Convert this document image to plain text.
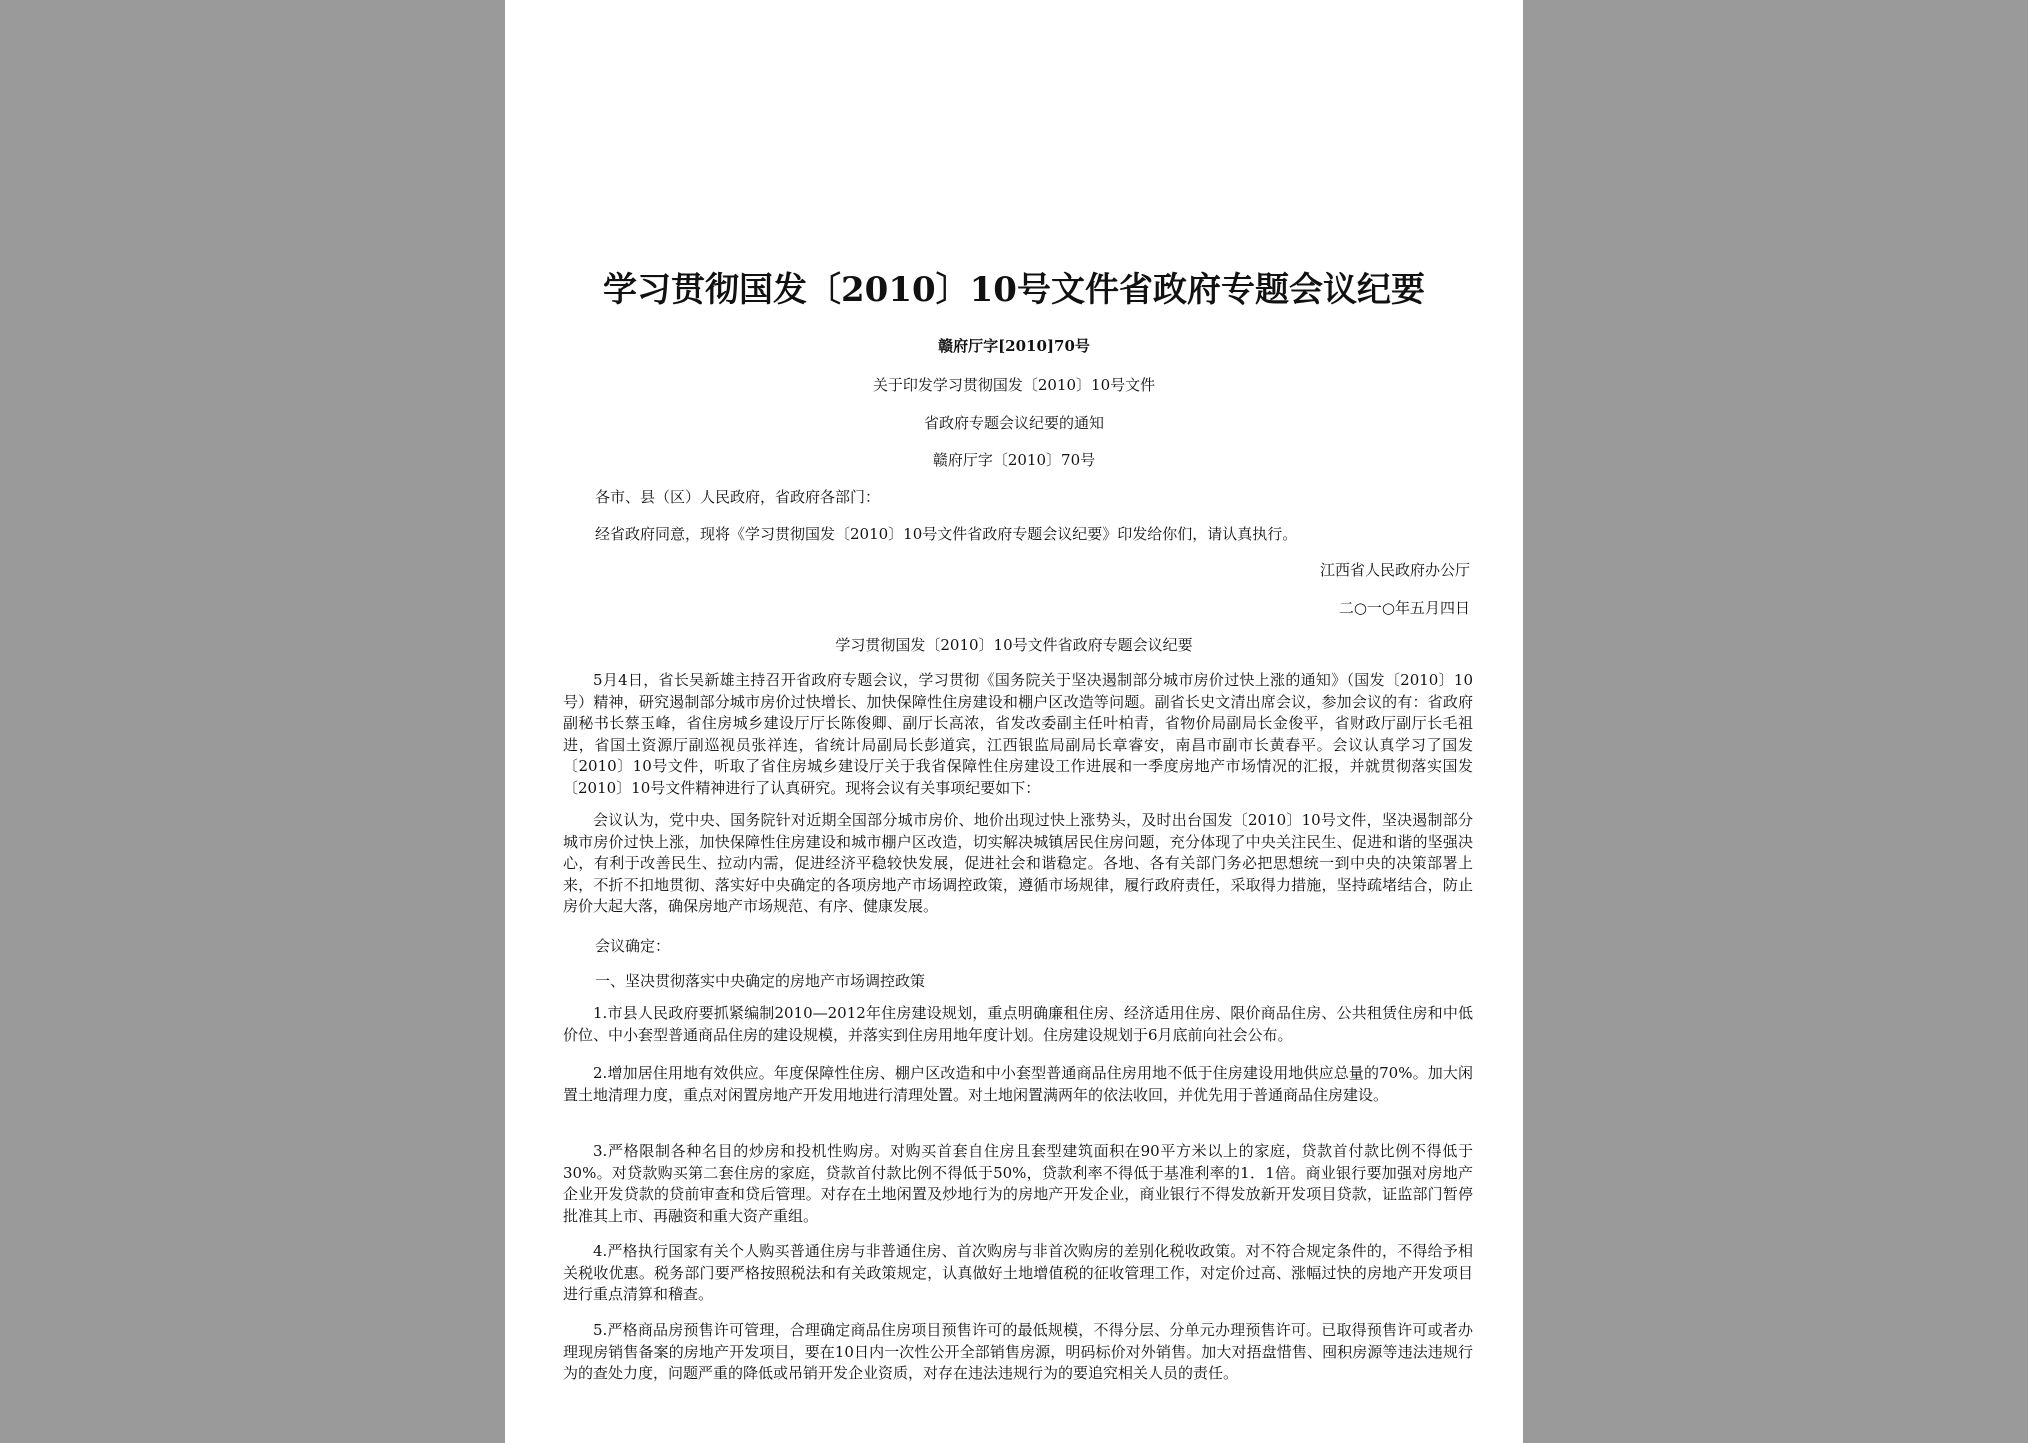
学习贯彻国发〔2010〕10号文件省政府专题会议纪要
赣府厅字[2010]70号
关于印发学习贯彻国发〔2010〕10号文件
省政府专题会议纪要的通知
赣府厅字〔2010〕70号
各市、县（区）人民政府，省政府各部门：
经省政府同意，现将《学习贯彻国发〔2010〕10号文件省政府专题会议纪要》印发给你们，请认真执行。
江西省人民政府办公厅
二○一○年五月四日
学习贯彻国发〔2010〕10号文件省政府专题会议纪要

5月4日，省长吴新雄主持召开省政府专题会议，学习贯彻《国务院关于坚决遏制部分城市房价过快上涨的通知》（国发〔2010〕10号）精神，研究遏制部分城市房价过快增长、加快保障性住房建设和棚户区改造等问题。副省长史文清出席会议，参加会议的有：省政府副秘书长蔡玉峰，省住房城乡建设厅厅长陈俊卿、副厅长高浓，省发改委副主任叶柏青，省物价局副局长金俊平，省财政厅副厅长毛祖进，省国土资源厅副巡视员张祥连，省统计局副局长彭道宾，江西银监局副局长章睿安，南昌市副市长黄春平。会议认真学习了国发〔2010〕10号文件，听取了省住房城乡建设厅关于我省保障性住房建设工作进展和一季度房地产市场情况的汇报，并就贯彻落实国发〔2010〕10号文件精神进行了认真研究。现将会议有关事项纪要如下：

会议认为，党中央、国务院针对近期全国部分城市房价、地价出现过快上涨势头，及时出台国发〔2010〕10号文件，坚决遏制部分城市房价过快上涨，加快保障性住房建设和城市棚户区改造，切实解决城镇居民住房问题，充分体现了中央关注民生、促进和谐的坚强决心，有利于改善民生、拉动内需，促进经济平稳较快发展，促进社会和谐稳定。各地、各有关部门务必把思想统一到中央的决策部署上来，不折不扣地贯彻、落实好中央确定的各项房地产市场调控政策，遵循市场规律，履行政府责任，采取得力措施，坚持疏堵结合，防止房价大起大落，确保房地产市场规范、有序、健康发展。

会议确定：
一、坚决贯彻落实中央确定的房地产市场调控政策

1.市县人民政府要抓紧编制2010—2012年住房建设规划，重点明确廉租住房、经济适用住房、限价商品住房、公共租赁住房和中低价位、中小套型普通商品住房的建设规模，并落实到住房用地年度计划。住房建设规划于6月底前向社会公布。

2.增加居住用地有效供应。年度保障性住房、棚户区改造和中小套型普通商品住房用地不低于住房建设用地供应总量的70%。加大闲置土地清理力度，重点对闲置房地产开发用地进行清理处置。对土地闲置满两年的依法收回，并优先用于普通商品住房建设。

3.严格限制各种名目的炒房和投机性购房。对购买首套自住房且套型建筑面积在90平方米以上的家庭，贷款首付款比例不得低于30%。对贷款购买第二套住房的家庭，贷款首付款比例不得低于50%，贷款利率不得低于基准利率的1．1倍。商业银行要加强对房地产企业开发贷款的贷前审查和贷后管理。对存在土地闲置及炒地行为的房地产开发企业，商业银行不得发放新开发项目贷款，证监部门暂停批准其上市、再融资和重大资产重组。

4.严格执行国家有关个人购买普通住房与非普通住房、首次购房与非首次购房的差别化税收政策。对不符合规定条件的，不得给予相关税收优惠。税务部门要严格按照税法和有关政策规定，认真做好土地增值税的征收管理工作，对定价过高、涨幅过快的房地产开发项目进行重点清算和稽查。

5.严格商品房预售许可管理，合理确定商品住房项目预售许可的最低规模，不得分层、分单元办理预售许可。已取得预售许可或者办理现房销售备案的房地产开发项目，要在10日内一次性公开全部销售房源，明码标价对外销售。加大对捂盘惜售、囤积房源等违法违规行为的查处力度，问题严重的降低或吊销开发企业资质，对存在违法违规行为的要追究相关人员的责任。
